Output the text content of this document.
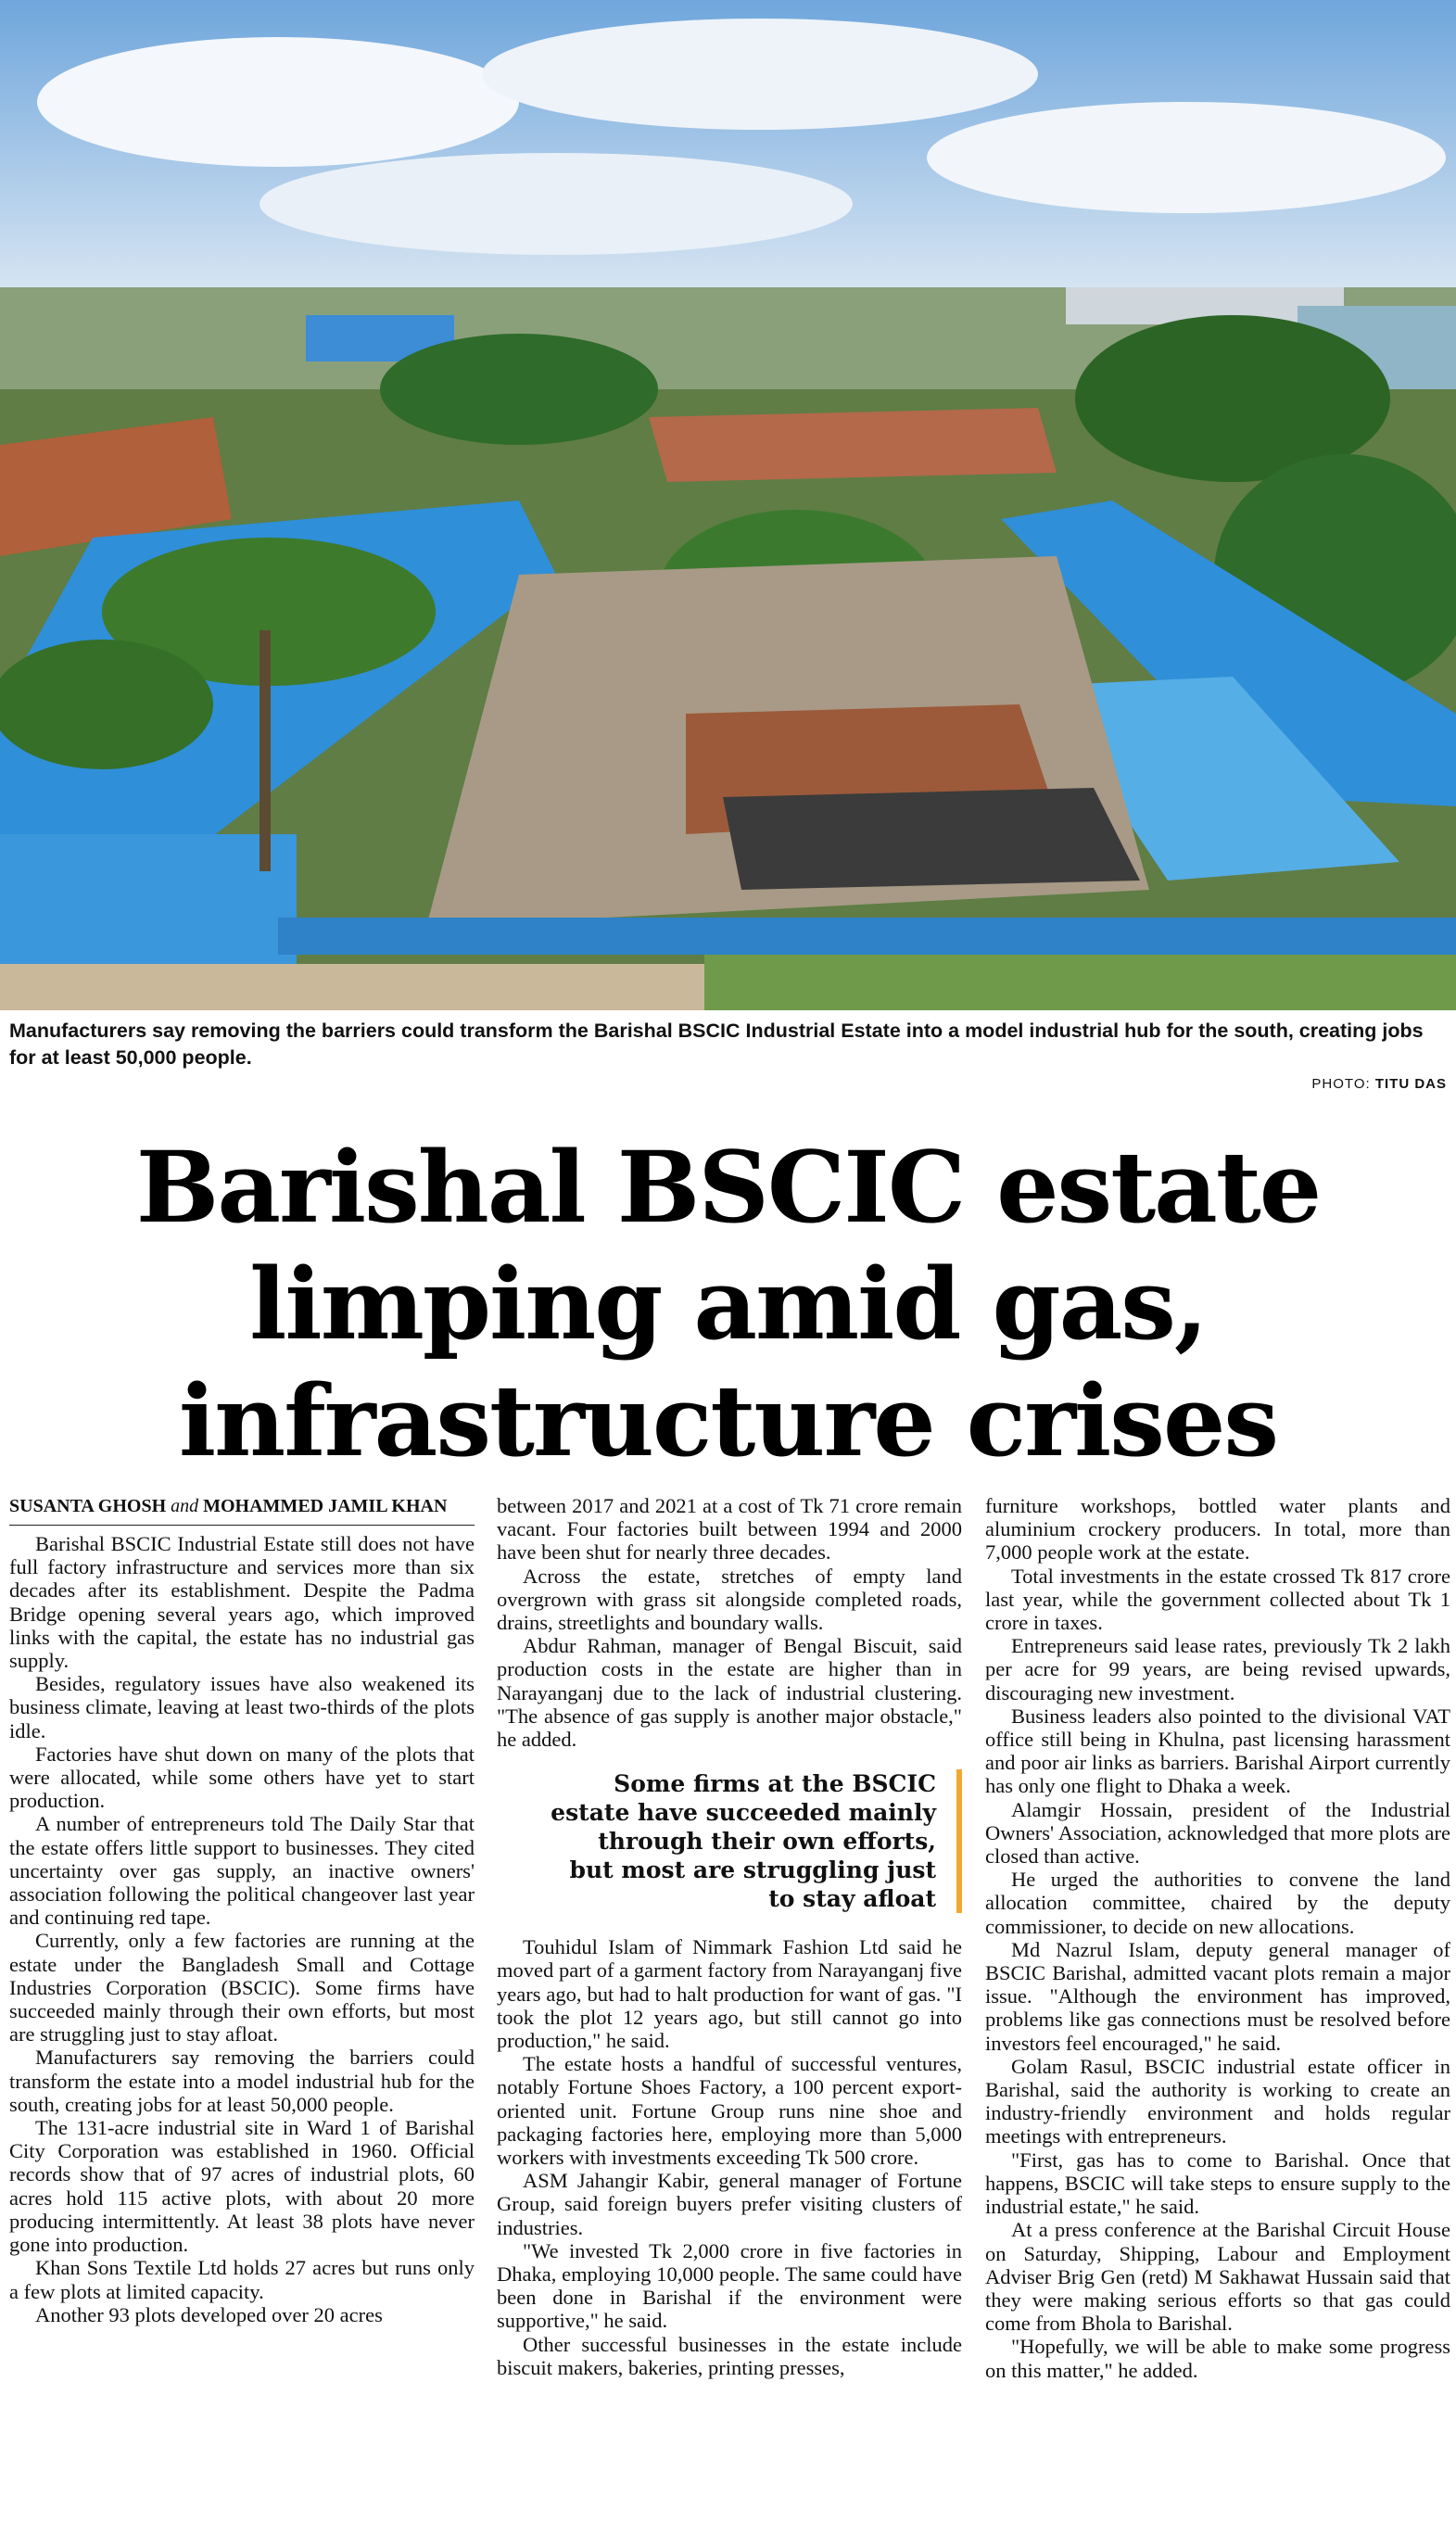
Manufacturers say removing the barriers could transform the Barishal BSCIC Industrial Estate into a model industrial hub for the south, creating jobs for at least 50,000 people.
PHOTO: TITU DAS
Barishal BSCIC estate
limping amid gas,
infrastructure crises
SUSANTA GHOSH and MOHAMMED JAMIL KHAN

Barishal BSCIC Industrial Estate still does not have full factory infrastructure and services more than six decades after its establishment. Despite the Padma Bridge opening several years ago, which improved links with the capital, the estate has no industrial gas supply.

Besides, regulatory issues have also weakened its business climate, leaving at least two-thirds of the plots idle.

Factories have shut down on many of the plots that were allocated, while some others have yet to start production.

A number of entrepreneurs told The Daily Star that the estate offers little support to businesses. They cited uncertainty over gas supply, an inactive owners' association following the political changeover last year and continuing red tape.

Currently, only a few factories are running at the estate under the Bangladesh Small and Cottage Industries Corporation (BSCIC). Some firms have succeeded mainly through their own efforts, but most are struggling just to stay afloat.

Manufacturers say removing the barriers could transform the estate into a model industrial hub for the south, creating jobs for at least 50,000 people.

The 131-acre industrial site in Ward 1 of Barishal City Corporation was established in 1960. Official records show that of 97 acres of industrial plots, 60 acres hold 115 active plots, with about 20 more producing intermittently. At least 38 plots have never gone into production.

Khan Sons Textile Ltd holds 27 acres but runs only a few plots at limited capacity.

Another 93 plots developed over 20 acres

between 2017 and 2021 at a cost of Tk 71 crore remain vacant. Four factories built between 1994 and 2000 have been shut for nearly three decades.

Across the estate, stretches of empty land overgrown with grass sit alongside completed roads, drains, streetlights and boundary walls.

Abdur Rahman, manager of Bengal Biscuit, said production costs in the estate are higher than in Narayanganj due to the lack of industrial clustering. "The absence of gas supply is another major obstacle," he added.

Some firms at the BSCIC estate have succeeded mainly through their own efforts, but most are struggling just to stay afloat

Touhidul Islam of Nimmark Fashion Ltd said he moved part of a garment factory from Narayanganj five years ago, but had to halt production for want of gas. "I took the plot 12 years ago, but still cannot go into production," he said.

The estate hosts a handful of successful ventures, notably Fortune Shoes Factory, a 100 percent export-oriented unit. Fortune Group runs nine shoe and packaging factories here, employing more than 5,000 workers with investments exceeding Tk 500 crore.

ASM Jahangir Kabir, general manager of Fortune Group, said foreign buyers prefer visiting clusters of industries.

"We invested Tk 2,000 crore in five factories in Dhaka, employing 10,000 people. The same could have been done in Barishal if the environment were supportive," he said.

Other successful businesses in the estate include biscuit makers, bakeries, printing presses,

furniture workshops, bottled water plants and aluminium crockery producers. In total, more than 7,000 people work at the estate.

Total investments in the estate crossed Tk 817 crore last year, while the government collected about Tk 1 crore in taxes.

Entrepreneurs said lease rates, previously Tk 2 lakh per acre for 99 years, are being revised upwards, discouraging new investment.

Business leaders also pointed to the divisional VAT office still being in Khulna, past licensing harassment and poor air links as barriers. Barishal Airport currently has only one flight to Dhaka a week.

Alamgir Hossain, president of the Industrial Owners' Association, acknowledged that more plots are closed than active.

He urged the authorities to convene the land allocation committee, chaired by the deputy commissioner, to decide on new allocations.

Md Nazrul Islam, deputy general manager of BSCIC Barishal, admitted vacant plots remain a major issue. "Although the environment has improved, problems like gas connections must be resolved before investors feel encouraged," he said.

Golam Rasul, BSCIC industrial estate officer in Barishal, said the authority is working to create an industry-friendly environment and holds regular meetings with entrepreneurs.

"First, gas has to come to Barishal. Once that happens, BSCIC will take steps to ensure supply to the industrial estate," he said.

At a press conference at the Barishal Circuit House on Saturday, Shipping, Labour and Employment Adviser Brig Gen (retd) M Sakhawat Hussain said that they were making serious efforts so that gas could come from Bhola to Barishal.

"Hopefully, we will be able to make some progress on this matter," he added.
